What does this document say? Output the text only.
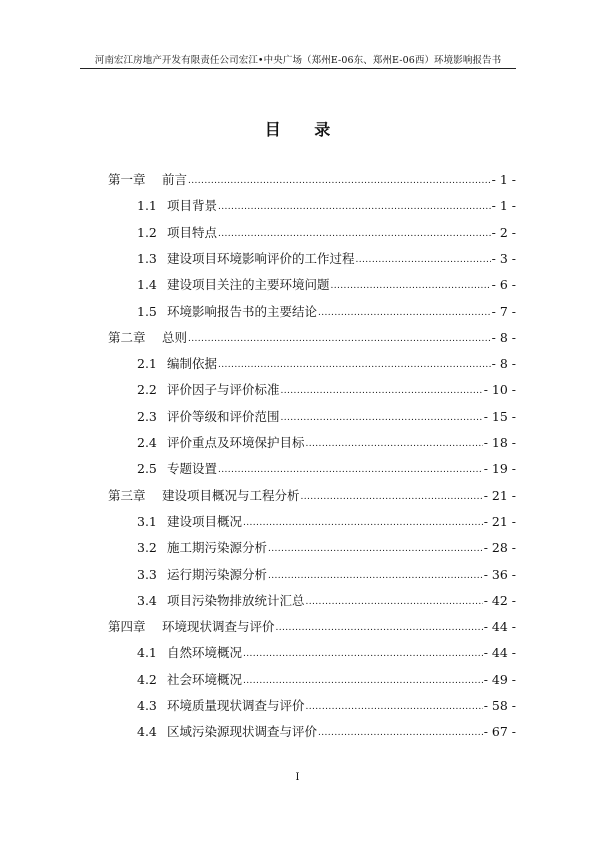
河南宏江房地产开发有限责任公司宏江•中央广场（郑州E-06东、郑州E-06西）环境影响报告书
目 录
第一章	前言 .....	- 1 -
1.1 项目背景 .....	- 1 -
1.2 项目特点 .....	- 2 -
1.3 建设项目环境影响评价的工作过程 .....	- 3 -
1.4 建设项目关注的主要环境问题 .....	- 6 -
1.5 环境影响报告书的主要结论 .....	- 7 -
第二章	总则 .....	- 8 -
2.1 编制依据 .....	- 8 -
2.2 评价因子与评价标准 .....	- 10 -
2.3 评价等级和评价范围 .....	- 15 -
2.4 评价重点及环境保护目标 .....	- 18 -
2.5 专题设置 .....	- 19 -
第三章	建设项目概况与工程分析 .....	- 21 -
3.1 建设项目概况 .....	- 21 -
3.2 施工期污染源分析 .....	- 28 -
3.3 运行期污染源分析 .....	- 36 -
3.4 项目污染物排放统计汇总 .....	- 42 -
第四章	环境现状调查与评价 .....	- 44 -
4.1 自然环境概况 .....	- 44 -
4.2 社会环境概况 .....	- 49 -
4.3 环境质量现状调查与评价 .....	- 58 -
4.4 区域污染源现状调查与评价 .....	- 67 -
I
